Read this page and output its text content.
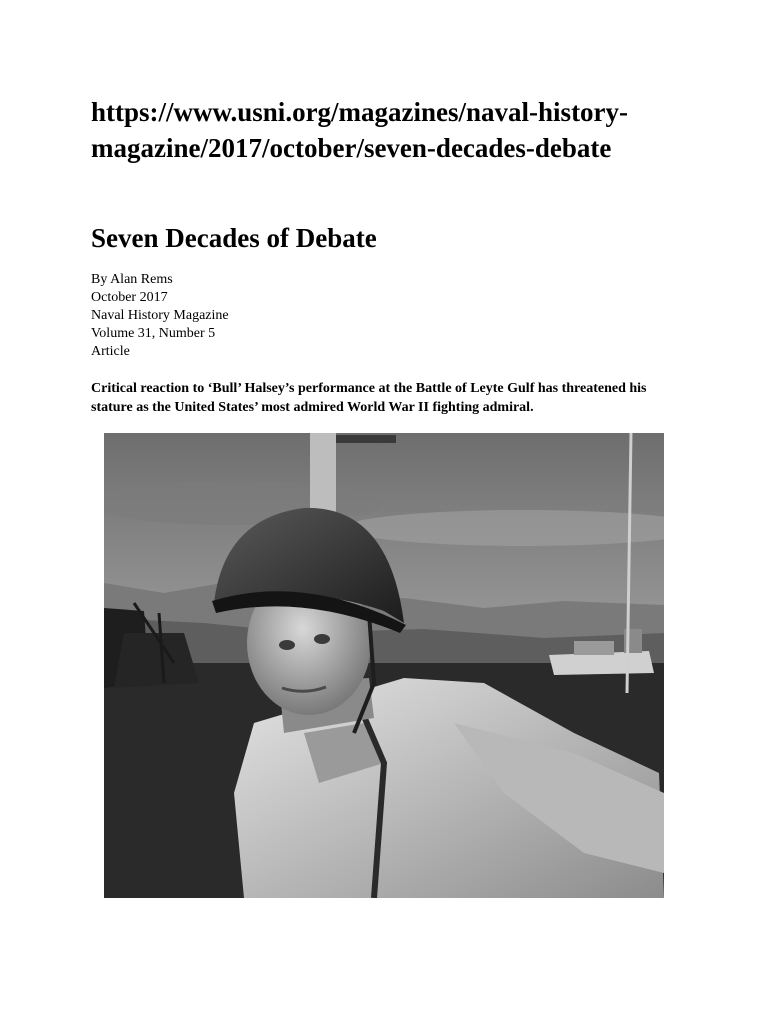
https://www.usni.org/magazines/naval-history-magazine/2017/october/seven-decades-debate
Seven Decades of Debate
By Alan Rems
October 2017
Naval History Magazine
Volume 31, Number 5
Article

Critical reaction to ‘Bull’ Halsey’s performance at the Battle of Leyte Gulf has threatened his stature as the United States’ most admired World War II fighting admiral.
